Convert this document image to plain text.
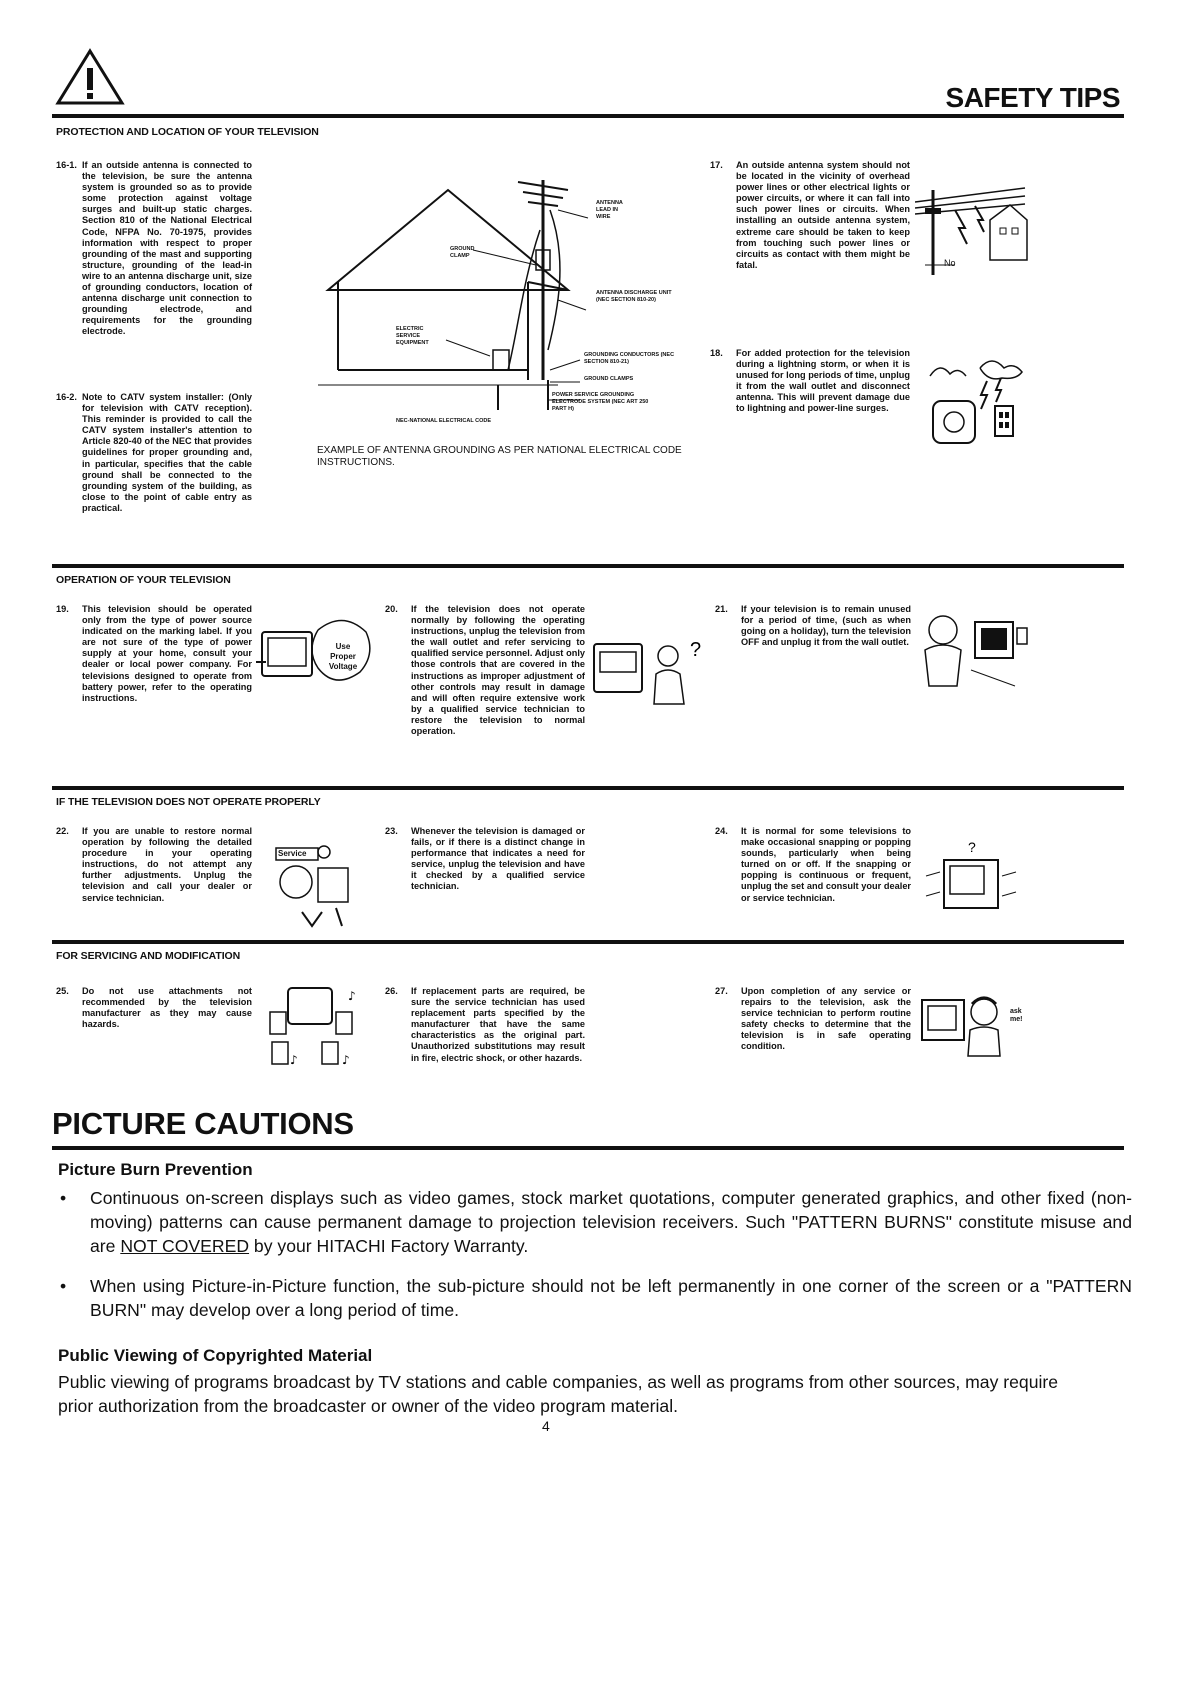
SAFETY TIPS
PROTECTION AND LOCATION OF YOUR TELEVISION
16-1. If an outside antenna is connected to the television, be sure the antenna system is grounded so as to provide some protection against voltage surges and built-up static charges. Section 810 of the National Electrical Code, NFPA No. 70-1975, provides information with respect to proper grounding of the mast and supporting structure, grounding of the lead-in wire to an antenna discharge unit, size of grounding conductors, location of antenna discharge unit connection to grounding electrode, and requirements for the grounding electrode.
16-2. Note to CATV system installer: (Only for television with CATV reception). This reminder is provided to call the CATV system installer's attention to Article 820-40 of the NEC that provides guidelines for proper grounding and, in particular, specifies that the cable ground shall be connected to the grounding system of the building, as close to the point of cable entry as practical.
ANTENNA LEAD IN WIRE
GROUND CLAMP
ANTENNA DISCHARGE UNIT (NEC SECTION 810-20)
ELECTRIC SERVICE EQUIPMENT
GROUNDING CONDUCTORS (NEC SECTION 810-21)
GROUND CLAMPS
POWER SERVICE GROUNDING ELECTRODE SYSTEM (NEC ART 250 PART H)
NEC-NATIONAL ELECTRICAL CODE
EXAMPLE OF ANTENNA GROUNDING AS PER NATIONAL ELECTRICAL CODE INSTRUCTIONS.
17. An outside antenna system should not be located in the vicinity of overhead power lines or other electrical lights or power circuits, or where it can fall into such power lines or circuits. When installing an outside antenna system, extreme care should be taken to keep from touching such power lines or circuits as contact with them might be fatal.	No
18. For added protection for the television during a lightning storm, or when it is unused for long periods of time, unplug it from the wall outlet and disconnect antenna. This will prevent damage due to lightning and power-line surges.
OPERATION OF YOUR TELEVISION
19. This television should be operated only from the type of power source indicated on the marking label. If you are not sure of the type of power supply at your home, consult your dealer or local power company. For televisions designed to operate from battery power, refer to the operating instructions.
Use Proper Voltage
20. If the television does not operate normally by following the operating instructions, unplug the television from the wall outlet and refer servicing to qualified service personnel. Adjust only those controls that are covered in the instructions as improper adjustment of other controls may result in damage and will often require extensive work by a qualified service technician to restore the television to normal operation.
?
21. If your television is to remain unused for a period of time, (such as when going on a holiday), turn the television OFF and unplug it from the wall outlet.
IF THE TELEVISION DOES NOT OPERATE PROPERLY
22. If you are unable to restore normal operation by following the detailed procedure in your operating instructions, do not attempt any further adjustments. Unplug the television and call your dealer or service technician.
Service
23. Whenever the television is damaged or fails, or if there is a distinct change in performance that indicates a need for service, unplug the television and have it checked by a qualified service technician.
24. It is normal for some televisions to make occasional snapping or popping sounds, particularly when being turned on or off. If the snapping or popping is continuous or frequent, unplug the set and consult your dealer or service technician.
?
FOR SERVICING AND MODIFICATION
25. Do not use attachments not recommended by the television manufacturer as they may cause hazards.
♪
♪	♪
26. If replacement parts are required, be sure the service technician has used replacement parts specified by the manufacturer that have the same characteristics as the original part. Unauthorized substitutions may result in fire, electric shock, or other hazards.
27. Upon completion of any service or repairs to the television, ask the service technician to perform routine safety checks to determine that the television is in safe operating condition.
ask me!
PICTURE CAUTIONS
Picture Burn Prevention
• Continuous on-screen displays such as video games, stock market quotations, computer generated graphics, and other fixed (non-moving) patterns can cause permanent damage to projection television receivers. Such "PATTERN BURNS" constitute misuse and are NOT COVERED by your HITACHI Factory Warranty.
• When using Picture-in-Picture function, the sub-picture should not be left permanently in one corner of the screen or a "PATTERN BURN" may develop over a long period of time.
Public Viewing of Copyrighted Material
Public viewing of programs broadcast by TV stations and cable companies, as well as programs from other sources, may require prior authorization from the broadcaster or owner of the video program material.
4
